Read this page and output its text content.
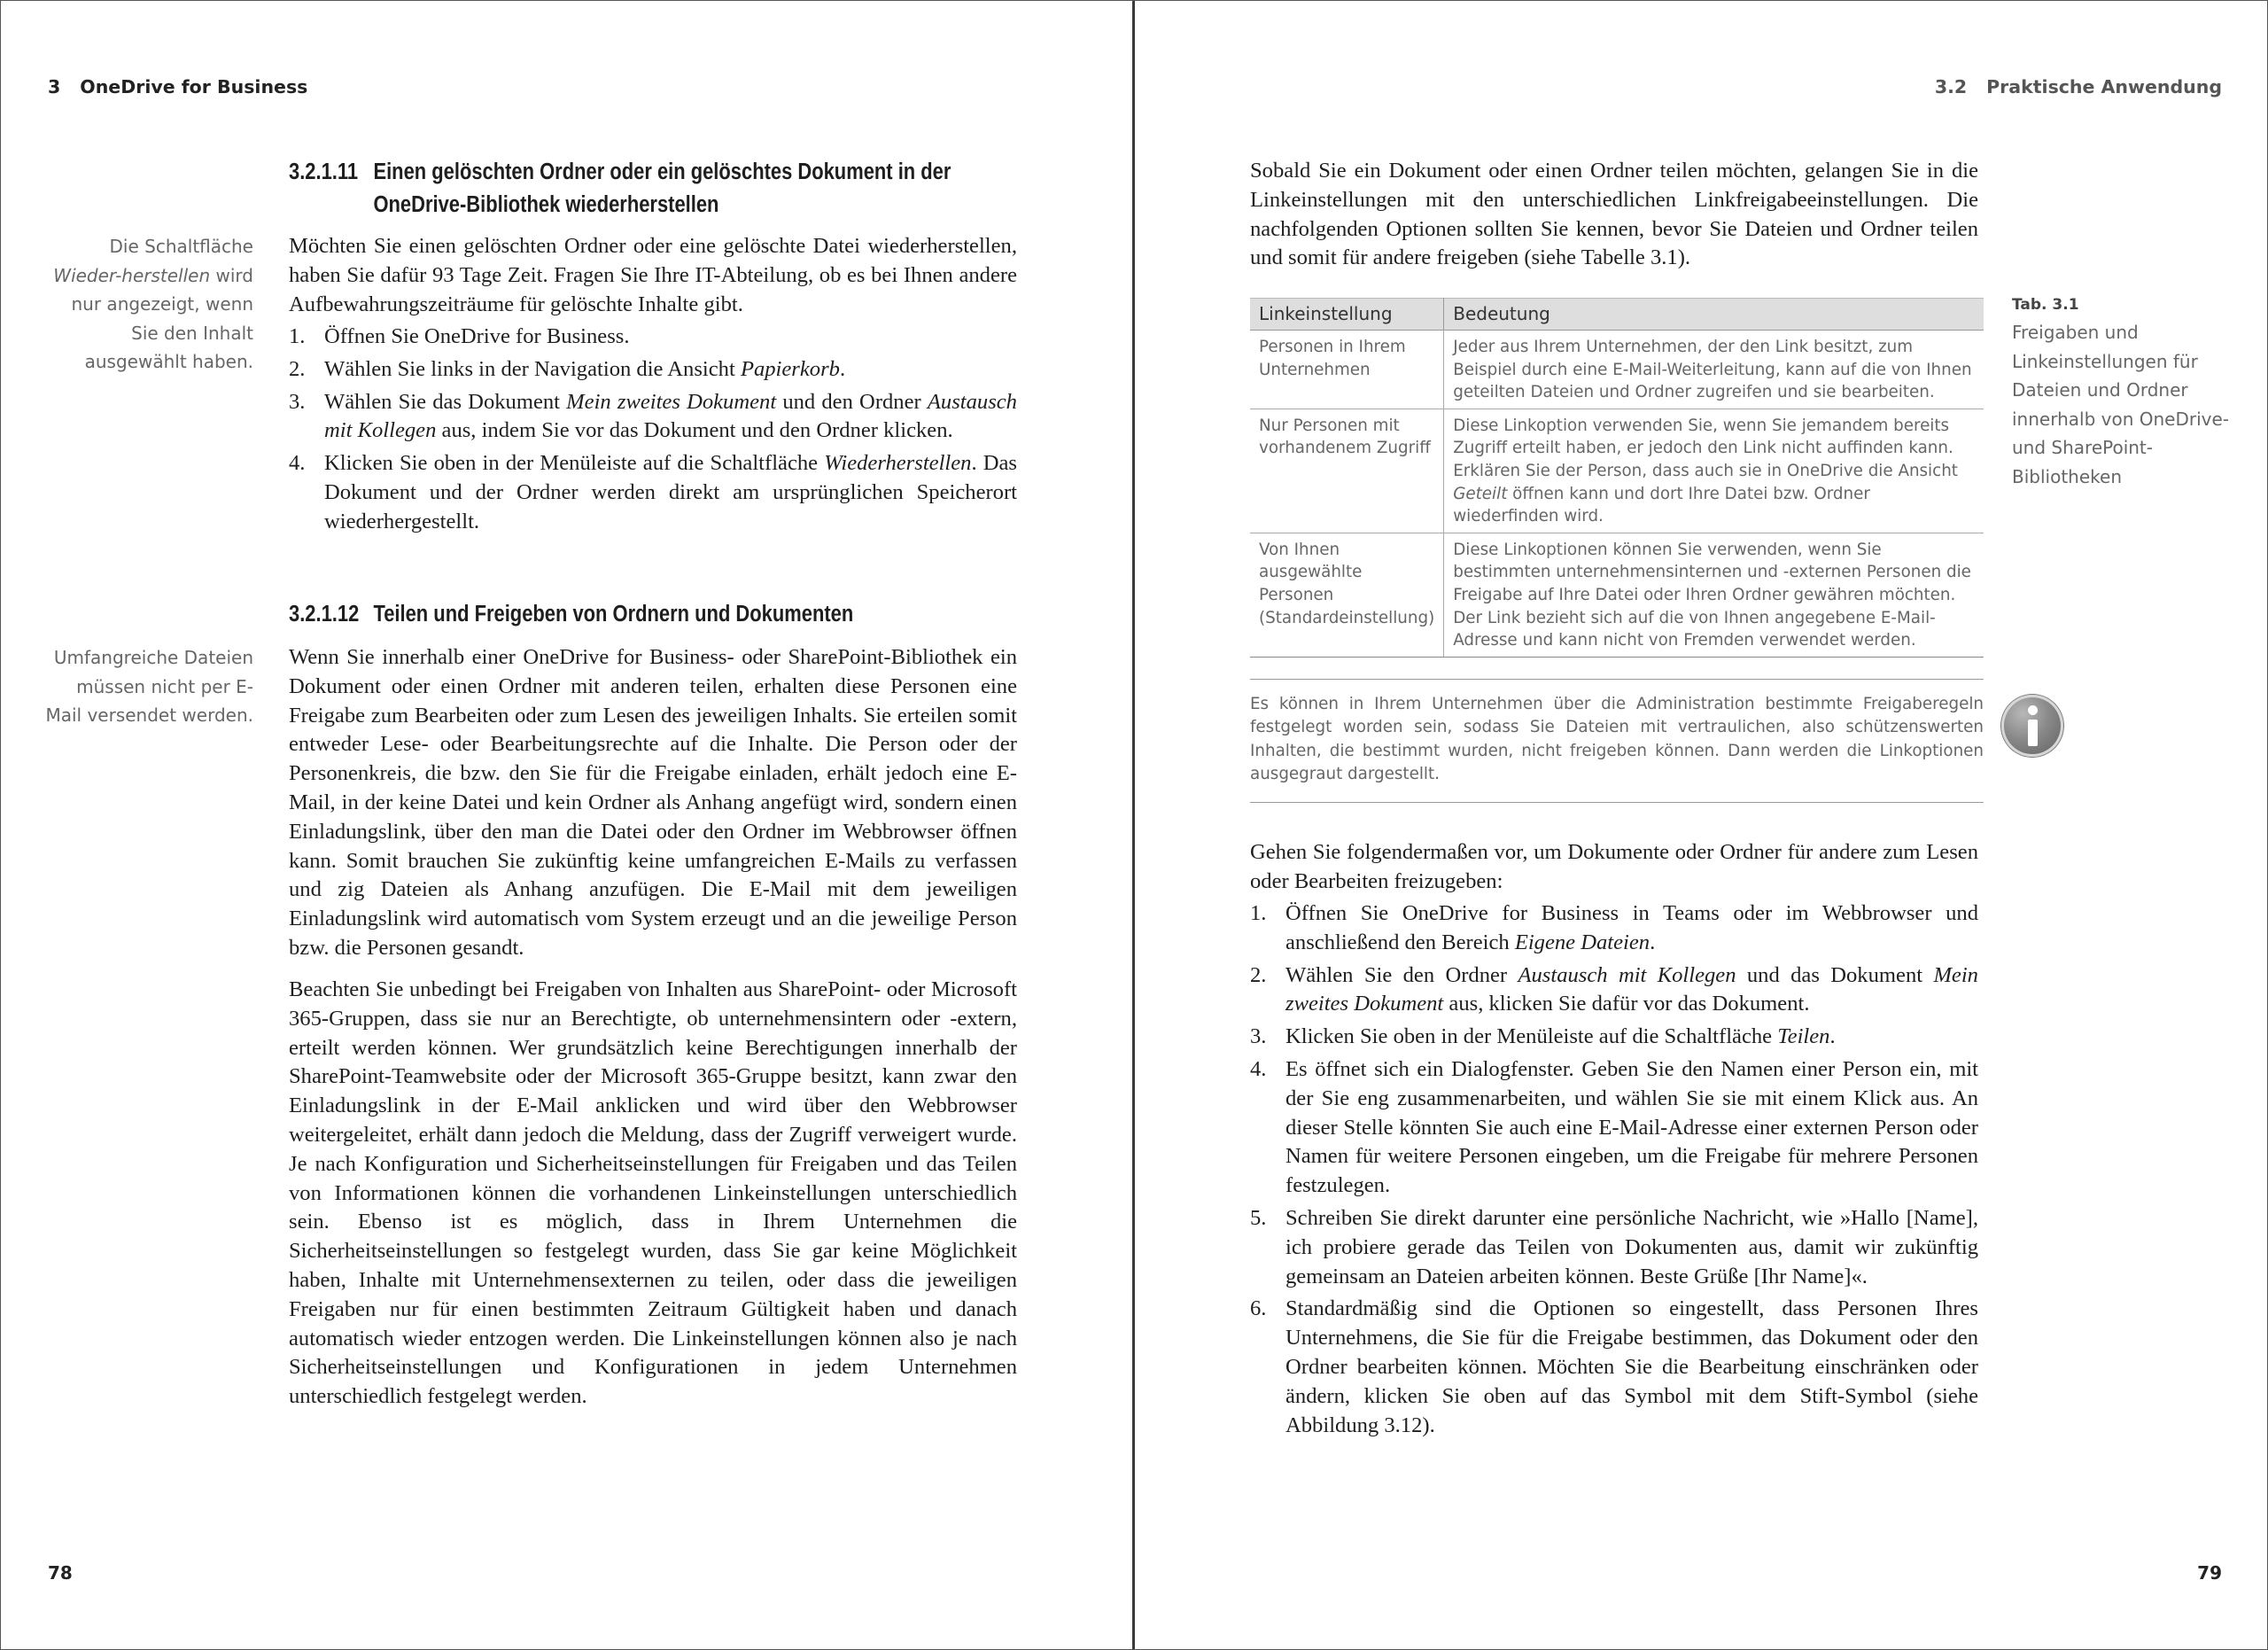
3 OneDrive for Business
Die Schaltfläche Wieder-herstellen wird nur angezeigt, wenn Sie den Inhalt ausgewählt haben.
3.2.1.11 Einen gelöschten Ordner oder ein gelöschtes Dokument in der
OneDrive-Bibliothek wiederherstellen

Möchten Sie einen gelöschten Ordner oder eine gelöschte Datei wiederherstellen, haben Sie dafür 93 Tage Zeit. Fragen Sie Ihre IT-Abteilung, ob es bei Ihnen andere Aufbewahrungszeiträume für gelöschte Inhalte gibt.

1. Öffnen Sie OneDrive for Business.
2. Wählen Sie links in der Navigation die Ansicht Papierkorb.
3. Wählen Sie das Dokument Mein zweites Dokument und den Ordner Austausch mit Kollegen aus, indem Sie vor das Dokument und den Ordner klicken.
4. Klicken Sie oben in der Menüleiste auf die Schaltfläche Wiederherstellen. Das Dokument und der Ordner werden direkt am ursprünglichen Speicherort wiederhergestellt.
3.2.1.12 Teilen und Freigeben von Ordnern und Dokumenten
Umfangreiche Dateien müssen nicht per E-Mail versendet werden.

Wenn Sie innerhalb einer OneDrive for Business- oder SharePoint-Bibliothek ein Dokument oder einen Ordner mit anderen teilen, erhalten diese Personen eine Freigabe zum Bearbeiten oder zum Lesen des jeweiligen Inhalts. Sie erteilen somit entweder Lese- oder Bearbeitungsrechte auf die Inhalte. Die Person oder der Personenkreis, die bzw. den Sie für die Freigabe einladen, erhält jedoch eine E-Mail, in der keine Datei und kein Ordner als Anhang angefügt wird, sondern einen Einladungslink, über den man die Datei oder den Ordner im Webbrowser öffnen kann. Somit brauchen Sie zukünftig keine umfangreichen E-Mails zu verfassen und zig Dateien als Anhang anzufügen. Die E-Mail mit dem jeweiligen Einladungslink wird automatisch vom System erzeugt und an die jeweilige Person bzw. die Personen gesandt.

Beachten Sie unbedingt bei Freigaben von Inhalten aus SharePoint- oder Microsoft 365-Gruppen, dass sie nur an Berechtigte, ob unternehmensintern oder -extern, erteilt werden können. Wer grundsätzlich keine Berechtigungen innerhalb der SharePoint-Teamwebsite oder der Microsoft 365-Gruppe besitzt, kann zwar den Einladungslink in der E-Mail anklicken und wird über den Webbrowser weitergeleitet, erhält dann jedoch die Meldung, dass der Zugriff verweigert wurde. Je nach Konfiguration und Sicherheitseinstellungen für Freigaben und das Teilen von Informationen können die vorhandenen Linkeinstellungen unterschiedlich sein. Ebenso ist es möglich, dass in Ihrem Unternehmen die Sicherheitseinstellungen so festgelegt wurden, dass Sie gar keine Möglichkeit haben, Inhalte mit Unternehmensexternen zu teilen, oder dass die jeweiligen Freigaben nur für einen bestimmten Zeitraum Gültigkeit haben und danach automatisch wieder entzogen werden. Die Linkeinstellungen können also je nach Sicherheitseinstellungen und Konfigurationen in jedem Unternehmen unterschiedlich festgelegt werden.

78
3.2 Praktische Anwendung

Sobald Sie ein Dokument oder einen Ordner teilen möchten, gelangen Sie in die Linkeinstellungen mit den unterschiedlichen Linkfreigabeeinstellungen. Die nachfolgenden Optionen sollten Sie kennen, bevor Sie Dateien und Ordner teilen und somit für andere freigeben (siehe Tabelle 3.1).

79
Tab. 3.1
Freigaben und Linkeinstellungen für Dateien und Ordner innerhalb von OneDrive- und SharePoint-Bibliotheken
Linkeinstellung	Bedeutung
Personen in Ihrem Unternehmen	Jeder aus Ihrem Unternehmen, der den Link besitzt, zum Beispiel durch eine E-Mail-Weiterleitung, kann auf die von Ihnen geteilten Dateien und Ordner zugreifen und sie bearbeiten.
Nur Personen mit vorhandenem Zugriff	Diese Linkoption verwenden Sie, wenn Sie jemandem bereits Zugriff erteilt haben, er jedoch den Link nicht auffinden kann. Erklären Sie der Person, dass auch sie in OneDrive die Ansicht Geteilt öffnen kann und dort Ihre Datei bzw. Ordner wiederfinden wird.
Von Ihnen ausgewählte Personen (Standardeinstellung)	Diese Linkoptionen können Sie verwenden, wenn Sie bestimmten unternehmensinternen und -externen Personen die Freigabe auf Ihre Datei oder Ihren Ordner gewähren möchten. Der Link bezieht sich auf die von Ihnen angegebene E-Mail-Adresse und kann nicht von Fremden verwendet werden.

Es können in Ihrem Unternehmen über die Administration bestimmte Freigaberegeln festgelegt worden sein, sodass Sie Dateien mit vertraulichen, also schützenswerten Inhalten, die bestimmt wurden, nicht freigeben können. Dann werden die Linkoptionen ausgegraut dargestellt.

Gehen Sie folgendermaßen vor, um Dokumente oder Ordner für andere zum Lesen oder Bearbeiten freizugeben:

1. Öffnen Sie OneDrive for Business in Teams oder im Webbrowser und anschließend den Bereich Eigene Dateien.
2. Wählen Sie den Ordner Austausch mit Kollegen und das Dokument Mein zweites Dokument aus, klicken Sie dafür vor das Dokument.
3. Klicken Sie oben in der Menüleiste auf die Schaltfläche Teilen.
4. Es öffnet sich ein Dialogfenster. Geben Sie den Namen einer Person ein, mit der Sie eng zusammenarbeiten, und wählen Sie sie mit einem Klick aus. An dieser Stelle könnten Sie auch eine E-Mail-Adresse einer externen Person oder Namen für weitere Personen eingeben, um die Freigabe für mehrere Personen festzulegen.
5. Schreiben Sie direkt darunter eine persönliche Nachricht, wie »Hallo [Name], ich probiere gerade das Teilen von Dokumenten aus, damit wir zukünftig gemeinsam an Dateien arbeiten können. Beste Grüße [Ihr Name]«.
6. Standardmäßig sind die Optionen so eingestellt, dass Personen Ihres Unternehmens, die Sie für die Freigabe bestimmen, das Dokument oder den Ordner bearbeiten können. Möchten Sie die Bearbeitung einschränken oder ändern, klicken Sie oben auf das Symbol mit dem Stift-Symbol (siehe Abbildung 3.12).
